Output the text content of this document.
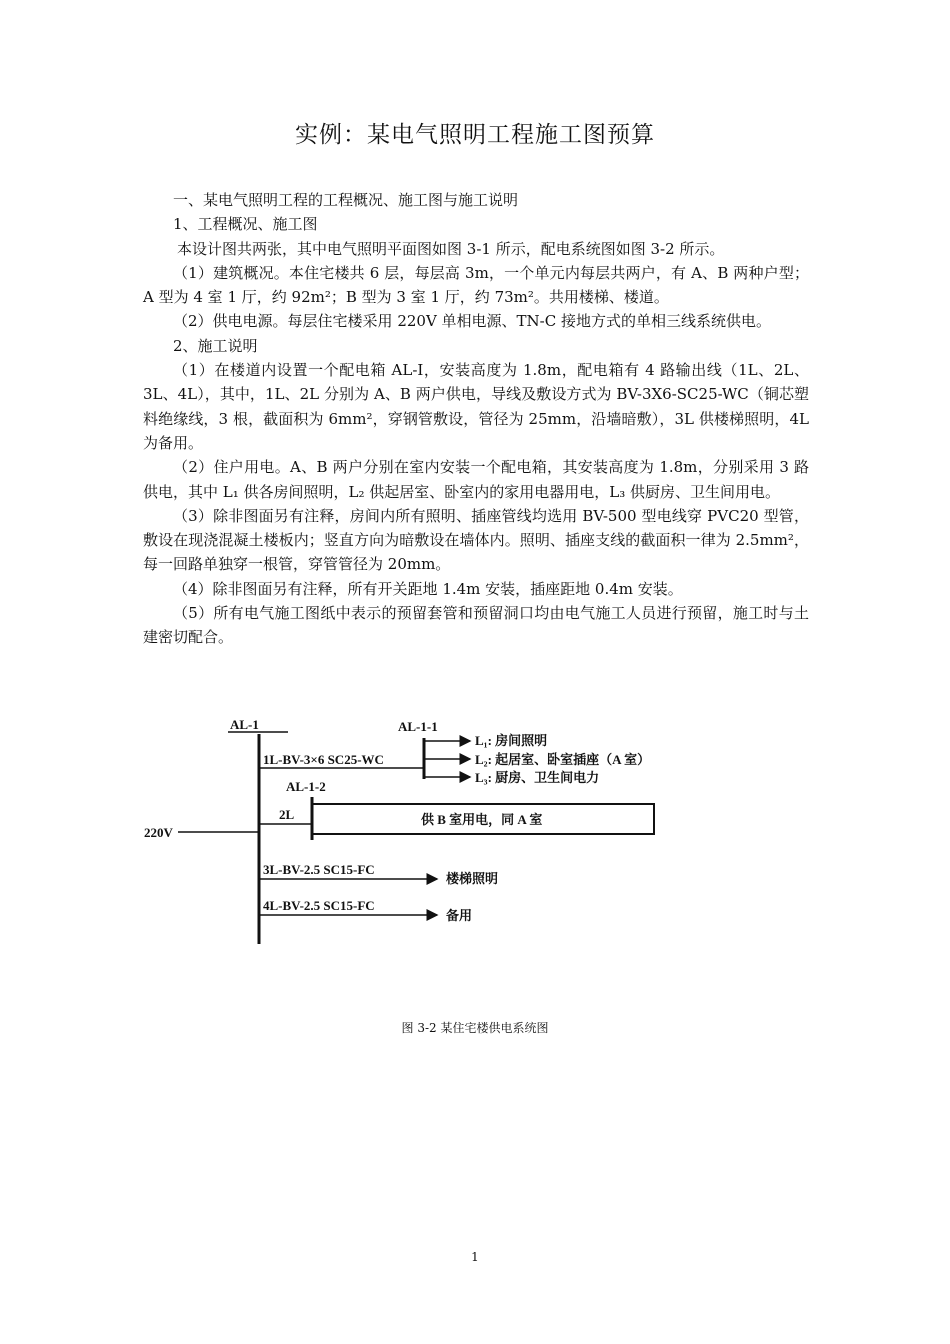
实例：某电气照明工程施工图预算

一、某电气照明工程的工程概况、施工图与施工说明

1、工程概况、施工图

本设计图共两张，其中电气照明平面图如图 3-1 所示，配电系统图如图 3-2 所示。

（1）建筑概况。本住宅楼共 6 层，每层高 3m，一个单元内每层共两户，有 A、B 两种户型；A 型为 4 室 1 厅，约 92m²；B 型为 3 室 1 厅，约 73m²。共用楼梯、楼道。

（2）供电电源。每层住宅楼采用 220V 单相电源、TN-C 接地方式的单相三线系统供电。

2、施工说明

（1）在楼道内设置一个配电箱 AL-I，安装高度为 1.8m，配电箱有 4 路输出线（1L、2L、3L、4L），其中，1L、2L 分别为 A、B 两户供电，导线及敷设方式为 BV-3X6-SC25-WC（铜芯塑料绝缘线，3 根，截面积为 6mm²，穿钢管敷设，管径为 25mm，沿墙暗敷），3L 供楼梯照明，4L 为备用。

（2）住户用电。A、B 两户分别在室内安装一个配电箱，其安装高度为 1.8m，分别采用 3 路供电，其中 L₁ 供各房间照明，L₂ 供起居室、卧室内的家用电器用电，L₃ 供厨房、卫生间用电。

（3）除非图面另有注释，房间内所有照明、插座管线均选用 BV-500 型电线穿 PVC20 型管，敷设在现浇混凝土楼板内；竖直方向为暗敷设在墙体内。照明、插座支线的截面积一律为 2.5mm²，每一回路单独穿一根管，穿管管径为 20mm。

（4）除非图面另有注释，所有开关距地 1.4m 安装，插座距地 0.4m 安装。

（5）所有电气施工图纸中表示的预留套管和预留洞口均由电气施工人员进行预留，施工时与土建密切配合。

AL-1
220V
1L-BV-3×6 SC25-WC
AL-1-1
L₁: 房间照明
L₂: 起居室、卧室插座（A 室）
L₃: 厨房、卫生间电力
AL-1-2
2L	供 B 室用电，同 A 室
3L-BV-2.5 SC15-FC
楼梯照明
4L-BV-2.5 SC15-FC
备用
图 3-2 某住宅楼供电系统图
1
